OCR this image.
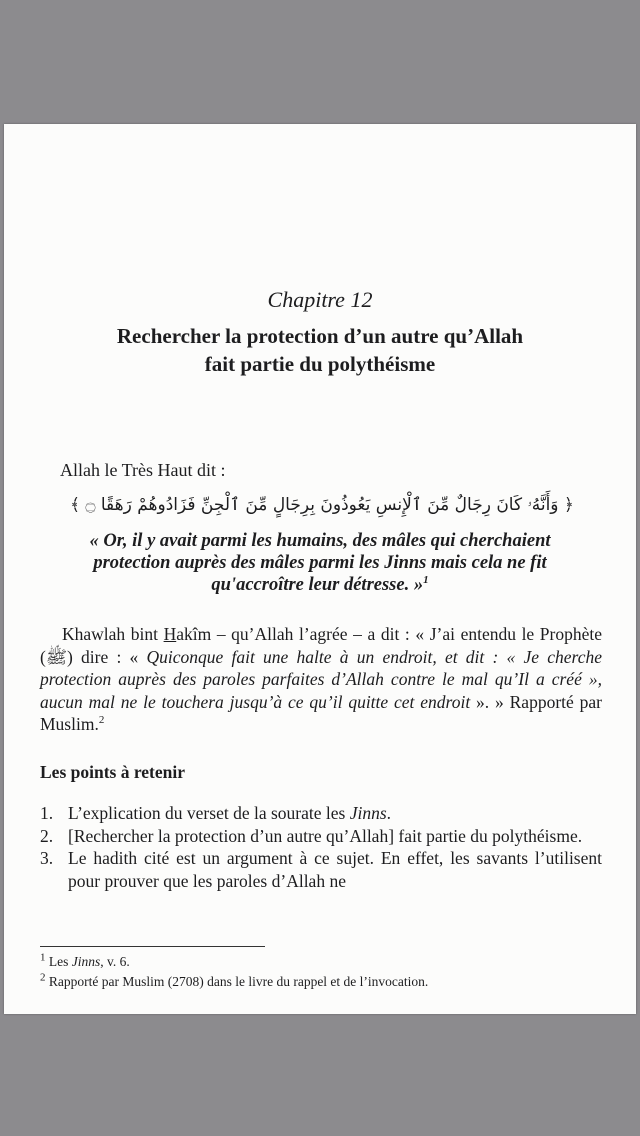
Chapitre 12
Rechercher la protection d’un autre qu’Allah
fait partie du polythéisme
Allah le Très Haut dit :
﴿ وَأَنَّهُۥ كَانَ رِجَالٌ مِّنَ ٱلْإِنسِ يَعُوذُونَ بِرِجَالٍ مِّنَ ٱلْجِنِّ فَزَادُوهُمْ رَهَقًا ۝ ﴾
« Or, il y avait parmi les humains, des mâles qui cherchaient
protection auprès des mâles parmi les Jinns mais cela ne fit
qu'accroître leur détresse. »$^1$
Khawlah bint Hakîm – qu’Allah l’agrée – a dit : « J’ai entendu le Prophète (ﷺ) dire : « Quiconque fait une halte à un endroit, et dit : « Je cherche protection auprès des paroles parfaites d’Allah contre le mal qu’Il a créé », aucun mal ne le touchera jusqu’à ce qu’il quitte cet endroit ». » Rapporté par Muslim.$^2$
Les points à retenir
1. L’explication du verset de la sourate les Jinns.
2. [Rechercher la protection d’un autre qu’Allah] fait partie du polythéisme.
3. Le hadith cité est un argument à ce sujet. En effet, les savants l’utilisent pour prouver que les paroles d’Allah ne
$^1$ Les Jinns, v. 6.
$^2$ Rapporté par Muslim (2708) dans le livre du rappel et de l’invocation.
